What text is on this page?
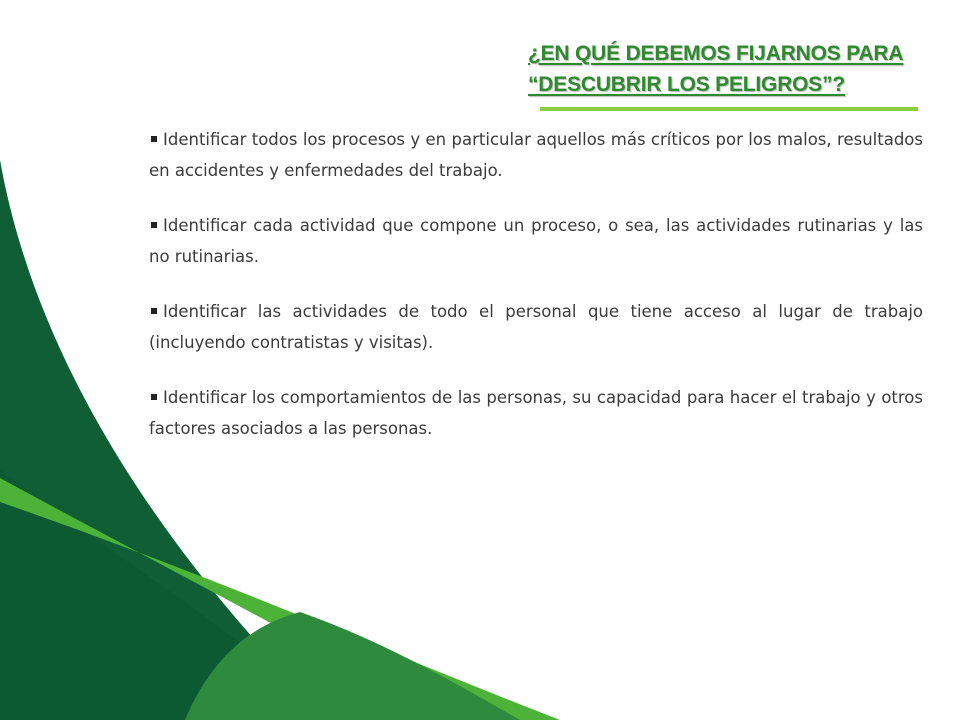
¿EN QUÉ DEBEMOS FIJARNOS PARA
“DESCUBRIR LOS PELIGROS”?
Identificar todos los procesos y en particular aquellos más críticos por los malos, resultados en accidentes y enfermedades del trabajo.
Identificar cada actividad que compone un proceso, o sea, las actividades rutinarias y las no rutinarias.
Identificar las actividades de todo el personal que tiene acceso al lugar de trabajo (incluyendo contratistas y visitas).
Identificar los comportamientos de las personas, su capacidad para hacer el trabajo y otros factores asociados a las personas.
